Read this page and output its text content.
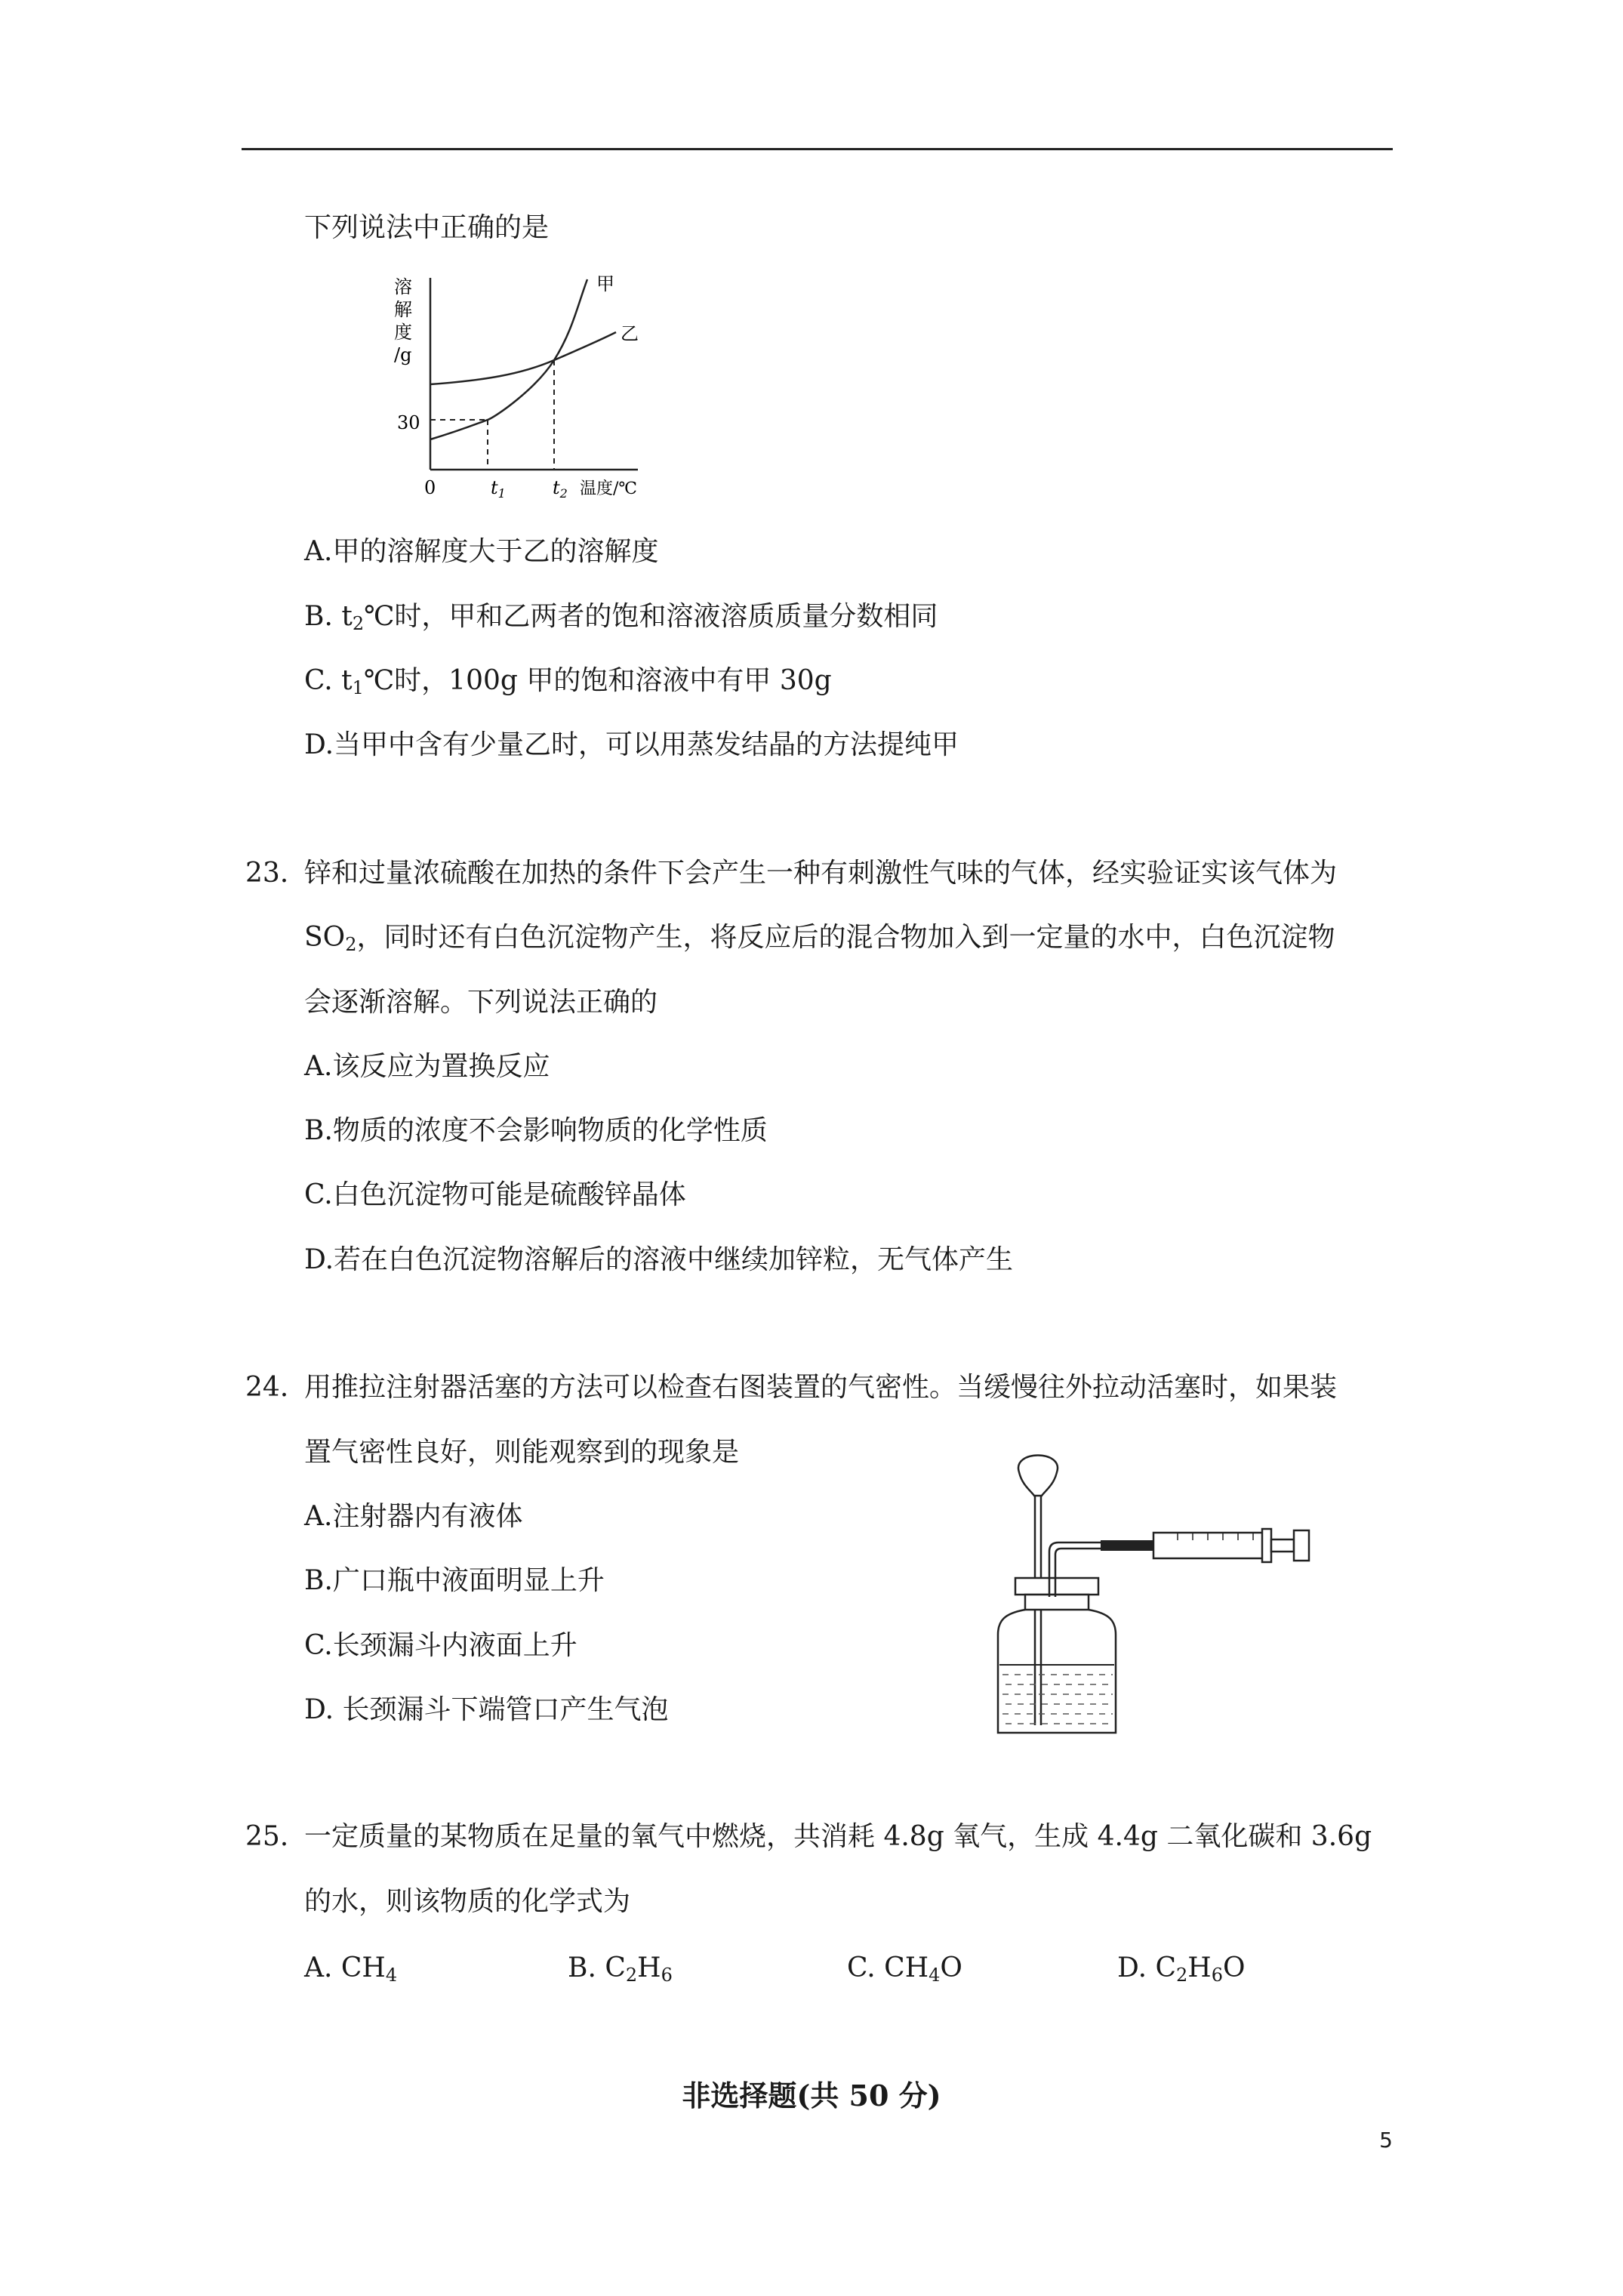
下列说法中正确的是
溶
解
度
/g
30
0	$t_1$	$t_2$ 温度/℃
甲
乙
A.甲的溶解度大于乙的溶解度
B. $t_2℃$时，甲和乙两者的饱和溶液溶质质量分数相同
C. $t_1℃$时，100g 甲的饱和溶液中有甲 30g
D.当甲中含有少量乙时，可以用蒸发结晶的方法提纯甲
23. 锌和过量浓硫酸在加热的条件下会产生一种有刺激性气味的气体，经实验证实该气体为
$SO_2$，同时还有白色沉淀物产生，将反应后的混合物加入到一定量的水中，白色沉淀物
会逐渐溶解。下列说法正确的
A.该反应为置换反应
B.物质的浓度不会影响物质的化学性质
C.白色沉淀物可能是硫酸锌晶体
D.若在白色沉淀物溶解后的溶液中继续加锌粒，无气体产生
24. 用推拉注射器活塞的方法可以检查右图装置的气密性。当缓慢往外拉动活塞时，如果装
置气密性良好，则能观察到的现象是
A.注射器内有液体
B.广口瓶中液面明显上升
C.长颈漏斗内液面上升
D. 长颈漏斗下端管口产生气泡
25. 一定质量的某物质在足量的氧气中燃烧，共消耗 4.8g 氧气，生成 4.4g 二氧化碳和 3.6g
的水，则该物质的化学式为
A. $CH_4$	B. $C_2H_6$	C. $CH_4O$	D. $C_2H_6O$
非选择题(共 50 分)
5
